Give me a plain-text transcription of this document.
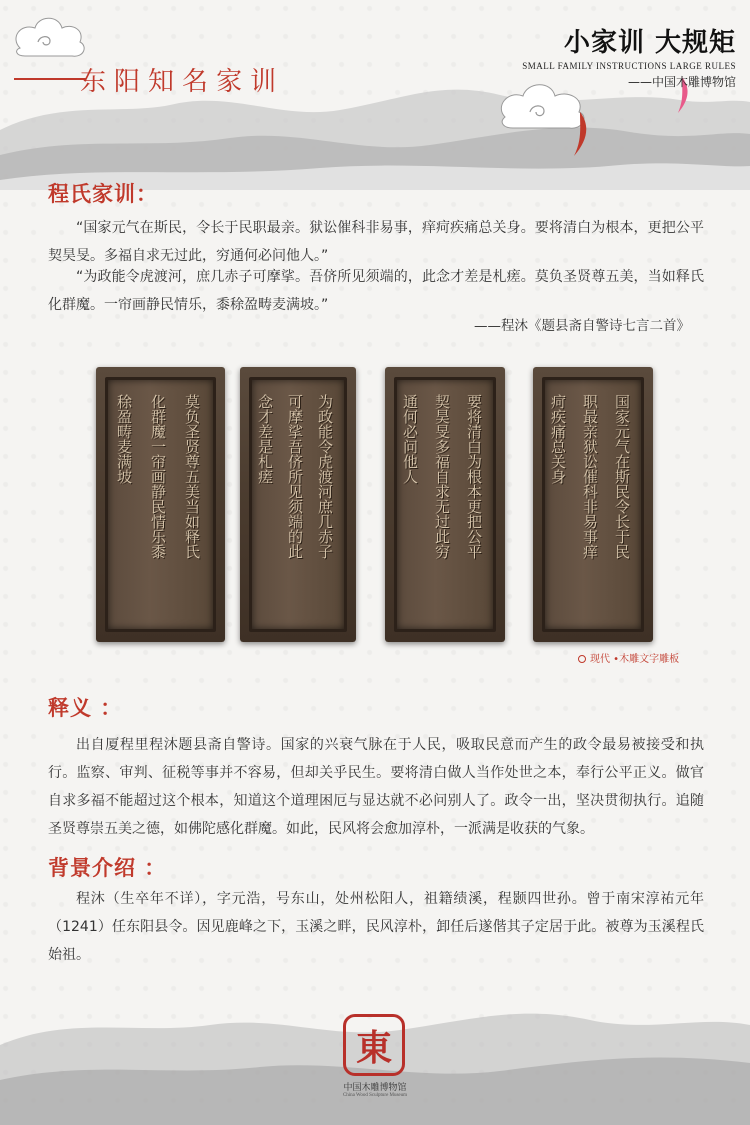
东 阳 知 名 家 训
小家训 大规矩
SMALL FAMILY INSTRUCTIONS LARGE RULES
——中国木雕博物馆
程氏家训：
“国家元气在斯民，令长于民职最亲。狱讼催科非易事，痒疴疾痛总关身。要将清白为根本，更把公平契昊旻。多福自求无过此，穷通何必问他人。”
“为政能令虎渡河，庶几赤子可摩挲。吾侪所见须端的，此念才差是札瘥。莫负圣贤尊五美，当如释氏化群魔。一帘画静民情乐，黍稌盈畴麦满坡。”
——程沐《题县斋自警诗七言二首》
莫负圣贤尊五美当如释氏
化群魔一帘画静民情乐黍
稌盈畴麦满坡	为政能令虎渡河庶几赤子
可摩挲吾侪所见须端的此
念才差是札瘥	要将清白为根本更把公平
契昊旻多福自求无过此穷
通何必问他人	国家元气在斯民令长于民
职最亲狱讼催科非易事痒
疴疾痛总关身
现代 •木雕文字雕板
释义 ：
出自厦程里程沐题县斋自警诗。国家的兴衰气脉在于人民，吸取民意而产生的政令最易被接受和执行。监察、审判、征税等事并不容易，但却关乎民生。要将清白做人当作处世之本，奉行公平正义。做官自求多福不能超过这个根本，知道这个道理困厄与显达就不必问别人了。政令一出，坚决贯彻执行。追随圣贤尊崇五美之德，如佛陀感化群魔。如此，民风将会愈加淳朴，一派满是收获的气象。
背景介绍 ：
程沐（生卒年不详），字元浩，号东山，处州松阳人，祖籍绩溪，程颢四世孙。曾于南宋淳祐元年（1241）任东阳县令。因见鹿峰之下，玉溪之畔，民风淳朴，卸任后遂偕其子定居于此。被尊为玉溪程氏始祖。
東
中国木雕博物馆
China Wood Sculpture Museum
